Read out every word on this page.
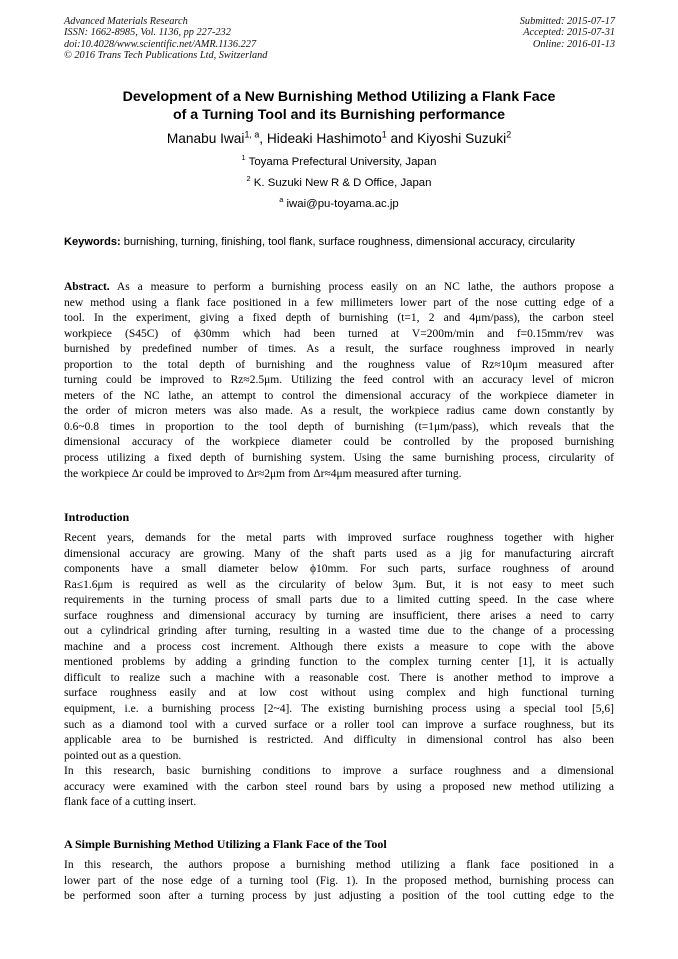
Advanced Materials Research
ISSN: 1662-8985, Vol. 1136, pp 227-232
doi:10.4028/www.scientific.net/AMR.1136.227
© 2016 Trans Tech Publications Ltd, Switzerland
Submitted: 2015-07-17
Accepted: 2015-07-31
Online: 2016-01-13
Development of a New Burnishing Method Utilizing a Flank Face
of a Turning Tool and its Burnishing performance
Manabu Iwai$^{1, a}$, Hideaki Hashimoto$^1$ and Kiyoshi Suzuki$^2$
$^1$ Toyama Prefectural University, Japan
$^2$ K. Suzuki New R & D Office, Japan
$^a$ iwai@pu-toyama.ac.jp
Keywords: burnishing, turning, finishing, tool flank, surface roughness, dimensional accuracy, circularity
Abstract. As a measure to perform a burnishing process easily on an NC lathe, the authors propose a
new method using a flank face positioned in a few millimeters lower part of the nose cutting edge of a
tool. In the experiment, giving a fixed depth of burnishing (t=1, 2 and 4μm/pass), the carbon steel
workpiece (S45C) of ϕ30mm which had been turned at V=200m/min and f=0.15mm/rev was
burnished by predefined number of times. As a result, the surface roughness improved in nearly
proportion to the total depth of burnishing and the roughness value of Rz≈10μm measured after
turning could be improved to Rz≈2.5μm. Utilizing the feed control with an accuracy level of micron
meters of the NC lathe, an attempt to control the dimensional accuracy of the workpiece diameter in
the order of micron meters was also made. As a result, the workpiece radius came down constantly by
0.6~0.8 times in proportion to the tool depth of burnishing (t=1μm/pass), which reveals that the
dimensional accuracy of the workpiece diameter could be controlled by the proposed burnishing
process utilizing a fixed depth of burnishing system. Using the same burnishing process, circularity of
the workpiece Δr could be improved to Δr≈2μm from Δr≈4μm measured after turning.
Introduction
Recent years, demands for the metal parts with improved surface roughness together with higher
dimensional accuracy are growing. Many of the shaft parts used as a jig for manufacturing aircraft
components have a small diameter below ϕ10mm. For such parts, surface roughness of around
Ra≤1.6μm is required as well as the circularity of below 3μm. But, it is not easy to meet such
requirements in the turning process of small parts due to a limited cutting speed. In the case where
surface roughness and dimensional accuracy by turning are insufficient, there arises a need to carry
out a cylindrical grinding after turning, resulting in a wasted time due to the change of a processing
machine and a process cost increment. Although there exists a measure to cope with the above
mentioned problems by adding a grinding function to the complex turning center [1], it is actually
difficult to realize such a machine with a reasonable cost. There is another method to improve a
surface roughness easily and at low cost without using complex and high functional turning
equipment, i.e. a burnishing process [2~4]. The existing burnishing process using a special tool [5,6]
such as a diamond tool with a curved surface or a roller tool can improve a surface roughness, but its
applicable area to be burnished is restricted. And difficulty in dimensional control has also been
pointed out as a question.
In this research, basic burnishing conditions to improve a surface roughness and a dimensional
accuracy were examined with the carbon steel round bars by using a proposed new method utilizing a
flank face of a cutting insert.
A Simple Burnishing Method Utilizing a Flank Face of the Tool
In this research, the authors propose a burnishing method utilizing a flank face positioned in a
lower part of the nose edge of a turning tool (Fig. 1). In the proposed method, burnishing process can
be performed soon after a turning process by just adjusting a position of the tool cutting edge to the
